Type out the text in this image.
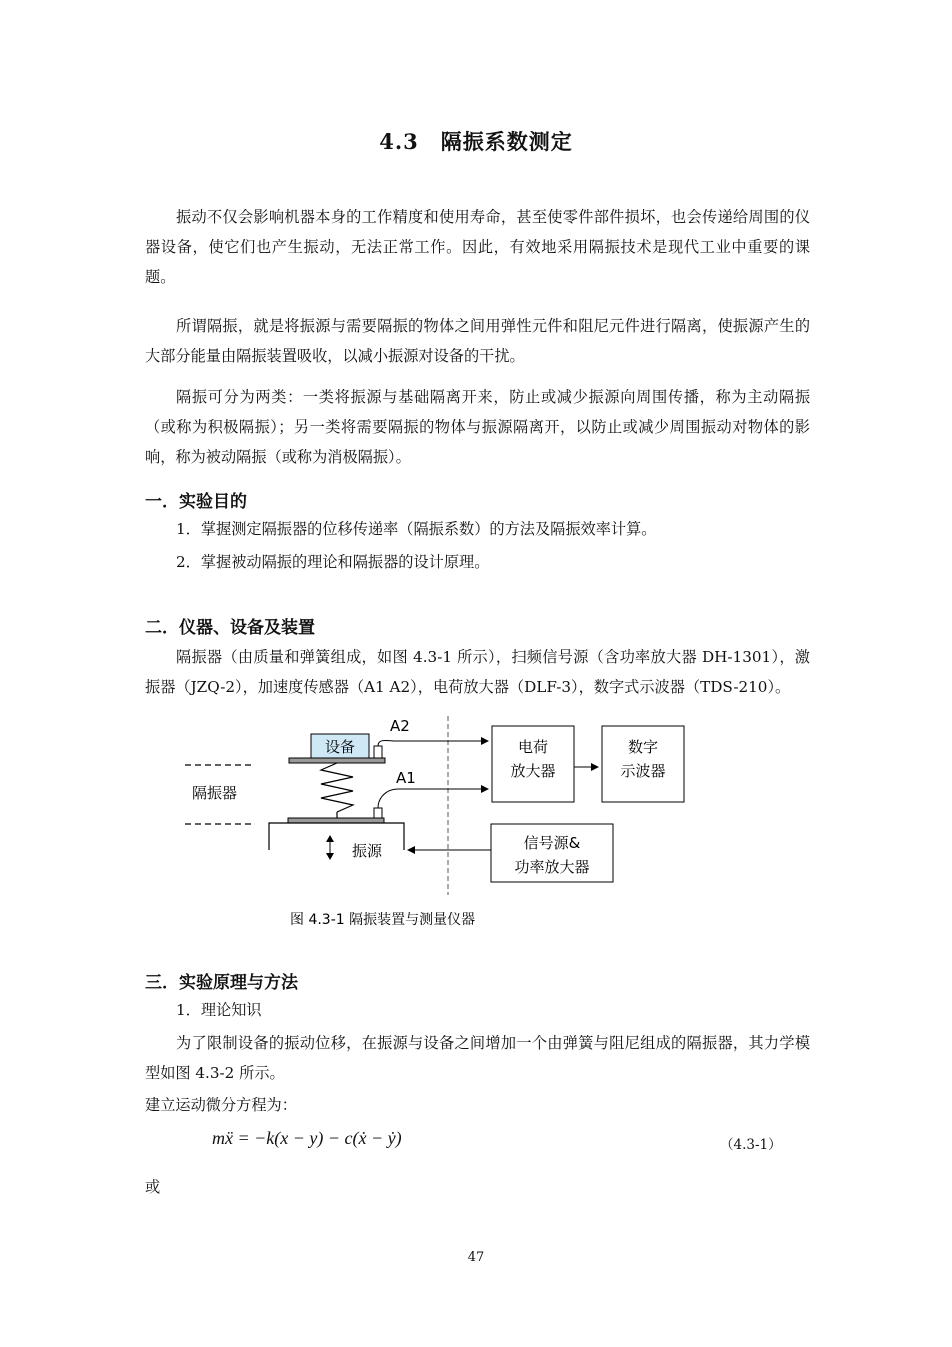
4.3　隔振系数测定

振动不仅会影响机器本身的工作精度和使用寿命，甚至使零件部件损坏，也会传递给周围的仪器设备，使它们也产生振动，无法正常工作。因此，有效地采用隔振技术是现代工业中重要的课题。

所谓隔振，就是将振源与需要隔振的物体之间用弹性元件和阻尼元件进行隔离，使振源产生的大部分能量由隔振装置吸收，以减小振源对设备的干扰。

隔振可分为两类：一类将振源与基础隔离开来，防止或减少振源向周围传播，称为主动隔振（或称为积极隔振）；另一类将需要隔振的物体与振源隔离开，以防止或减少周围振动对物体的影响，称为被动隔振（或称为消极隔振）。

一．实验目的

1．掌握测定隔振器的位移传递率（隔振系数）的方法及隔振效率计算。

2．掌握被动隔振的理论和隔振器的设计原理。

二．仪器、设备及装置

隔振器（由质量和弹簧组成，如图 4.3-1 所示），扫频信号源（含功率放大器 DH-1301），激振器（JZQ-2），加速度传感器（A1 A2），电荷放大器（DLF-3），数字式示波器（TDS-210）。

隔振器
设备
振源
A2
A1
电荷
放大器
数字
示波器
信号源&
功率放大器
图 4.3-1 隔振装置与测量仪器
三．实验原理与方法

1．理论知识

为了限制设备的振动位移，在振源与设备之间增加一个由弹簧与阻尼组成的隔振器，其力学模型如图 4.3-2 所示。

建立运动微分方程为：

mẍ = −k(x − y) − c(ẋ − ẏ)	（4.3-1）

或

47
